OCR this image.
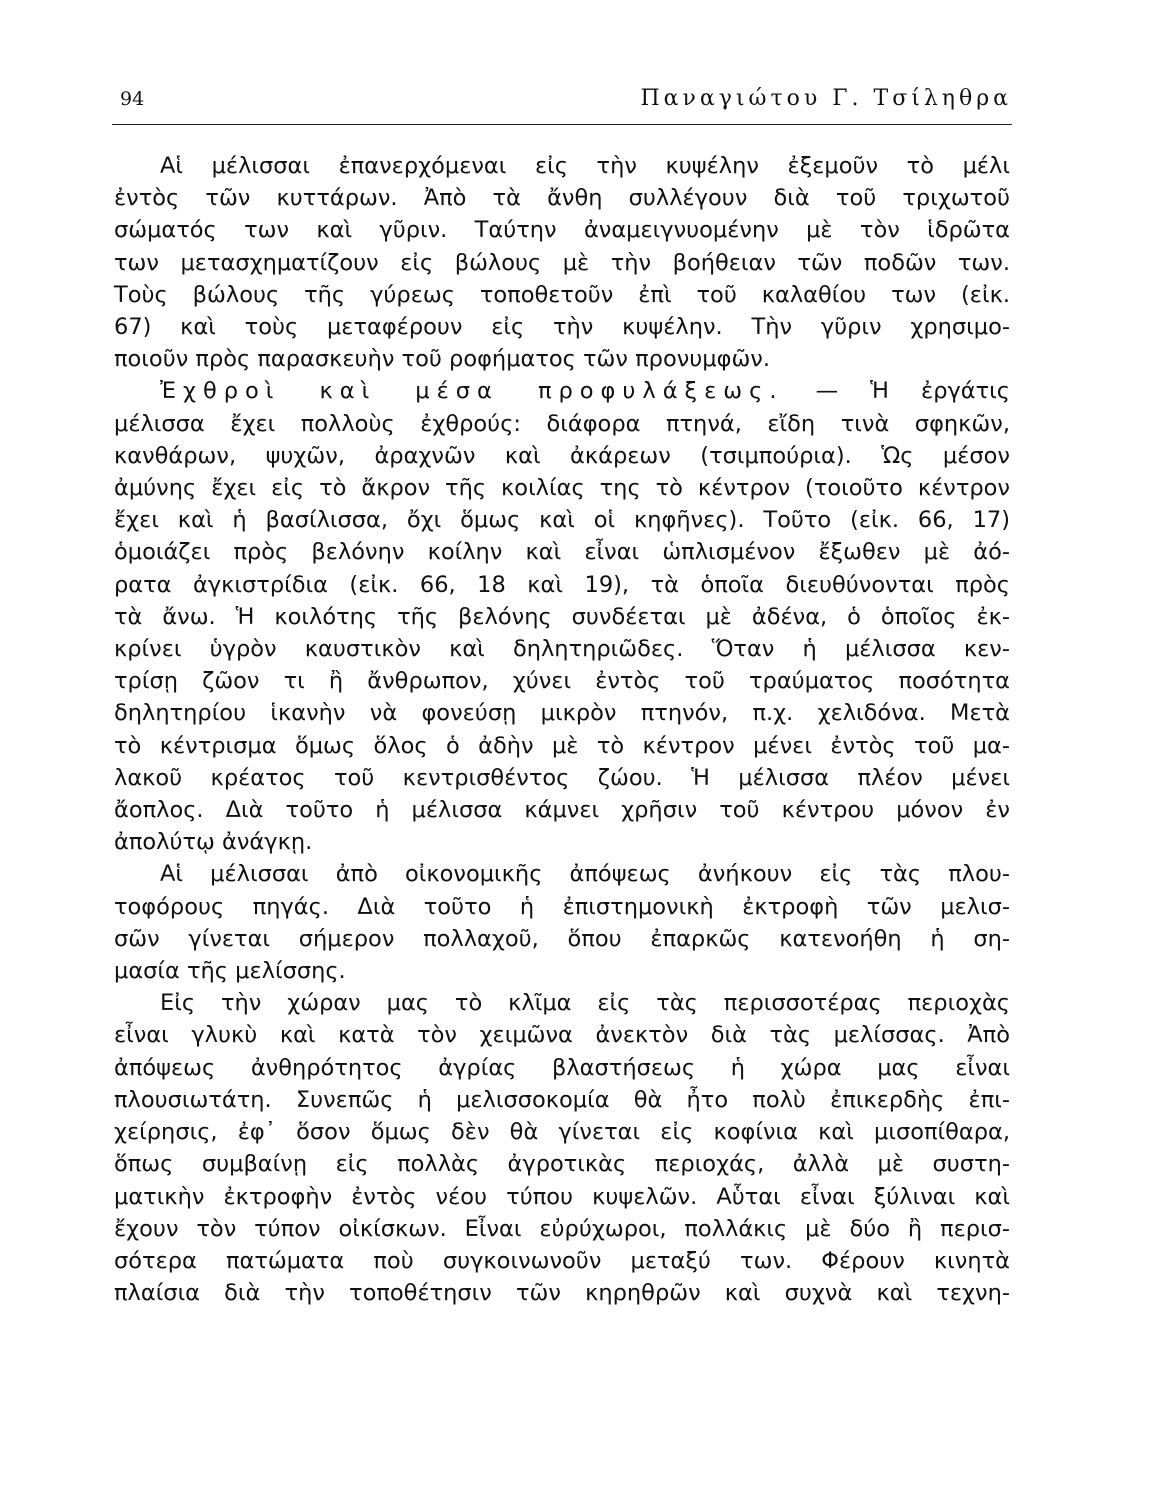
94	Παναγιώτου Γ. Τσίληθρα
Αἱ μέλισσαι ἐπανερχόμεναι εἰς τὴν κυψέλην ἐξεμοῦν τὸ μέλι
ἐντὸς τῶν κυττάρων. Ἀπὸ τὰ ἄνθη συλλέγουν διὰ τοῦ τριχωτοῦ
σώματός των καὶ γῦριν. Ταύτην ἀναμειγνυομένην μὲ τὸν ἱδρῶτα
των μετασχηματίζουν εἰς βώλους μὲ τὴν βοήθειαν τῶν ποδῶν των.
Τοὺς βώλους τῆς γύρεως τοποθετοῦν ἐπὶ τοῦ καλαθίου των (εἰκ.
67) καὶ τοὺς μεταφέρουν εἰς τὴν κυψέλην. Τὴν γῦριν χρησιμο-
ποιοῦν πρὸς παρασκευὴν τοῦ ροφήματος τῶν προνυμφῶν.
Ἐχθροὶ καὶ μέσα προφυλάξεως. — Ἡ ἐργάτις
μέλισσα ἔχει πολλοὺς ἐχθρούς: διάφορα πτηνά, εἴδη τινὰ σφηκῶν,
κανθάρων, ψυχῶν, ἀραχνῶν καὶ ἀκάρεων (τσιμπούρια). Ὡς μέσον
ἀμύνης ἔχει εἰς τὸ ἄκρον τῆς κοιλίας της τὸ κέντρον (τοιοῦτο κέντρον
ἔχει καὶ ἡ βασίλισσα, ὄχι ὅμως καὶ οἱ κηφῆνες). Τοῦτο (εἰκ. 66, 17)
ὁμοιάζει πρὸς βελόνην κοίλην καὶ εἶναι ὡπλισμένον ἔξωθεν μὲ ἀό-
ρατα ἀγκιστρίδια (εἰκ. 66, 18 καὶ 19), τὰ ὁποῖα διευθύνονται πρὸς
τὰ ἄνω. Ἡ κοιλότης τῆς βελόνης συνδέεται μὲ ἀδένα, ὁ ὁποῖος ἐκ-
κρίνει ὑγρὸν καυστικὸν καὶ δηλητηριῶδες. Ὅταν ἡ μέλισσα κεν-
τρίσῃ ζῶον τι ἢ ἄνθρωπον, χύνει ἐντὸς τοῦ τραύματος ποσότητα
δηλητηρίου ἱκανὴν νὰ φονεύσῃ μικρὸν πτηνόν, π.χ. χελιδόνα. Μετὰ
τὸ κέντρισμα ὅμως ὅλος ὁ ἀδὴν μὲ τὸ κέντρον μένει ἐντὸς τοῦ μα-
λακοῦ κρέατος τοῦ κεντρισθέντος ζώου. Ἡ μέλισσα πλέον μένει
ἄοπλος. Διὰ τοῦτο ἡ μέλισσα κάμνει χρῆσιν τοῦ κέντρου μόνον ἐν
ἀπολύτῳ ἀνάγκῃ.
Αἱ μέλισσαι ἀπὸ οἰκονομικῆς ἀπόψεως ἀνήκουν εἰς τὰς πλου-
τοφόρους πηγάς. Διὰ τοῦτο ἡ ἐπιστημονικὴ ἐκτροφὴ τῶν μελισ-
σῶν γίνεται σήμερον πολλαχοῦ, ὅπου ἐπαρκῶς κατενοήθη ἡ ση-
μασία τῆς μελίσσης.
Εἰς τὴν χώραν μας τὸ κλῖμα εἰς τὰς περισσοτέρας περιοχὰς
εἶναι γλυκὺ καὶ κατὰ τὸν χειμῶνα ἀνεκτὸν διὰ τὰς μελίσσας. Ἀπὸ
ἀπόψεως ἀνθηρότητος ἀγρίας βλαστήσεως ἡ χώρα μας εἶναι
πλουσιωτάτη. Συνεπῶς ἡ μελισσοκομία θὰ ἦτο πολὺ ἐπικερδὴς ἐπι-
χείρησις, ἐφ᾽ ὅσον ὅμως δὲν θὰ γίνεται εἰς κοφίνια καὶ μισοπίθαρα,
ὅπως συμβαίνῃ εἰς πολλὰς ἀγροτικὰς περιοχάς, ἀλλὰ μὲ συστη-
ματικὴν ἐκτροφὴν ἐντὸς νέου τύπου κυψελῶν. Αὗται εἶναι ξύλιναι καὶ
ἔχουν τὸν τύπον οἰκίσκων. Εἶναι εὐρύχωροι, πολλάκις μὲ δύο ἢ περισ-
σότερα πατώματα ποὺ συγκοινωνοῦν μεταξύ των. Φέρουν κινητὰ
πλαίσια διὰ τὴν τοποθέτησιν τῶν κηρηθρῶν καὶ συχνὰ καὶ τεχνη-
